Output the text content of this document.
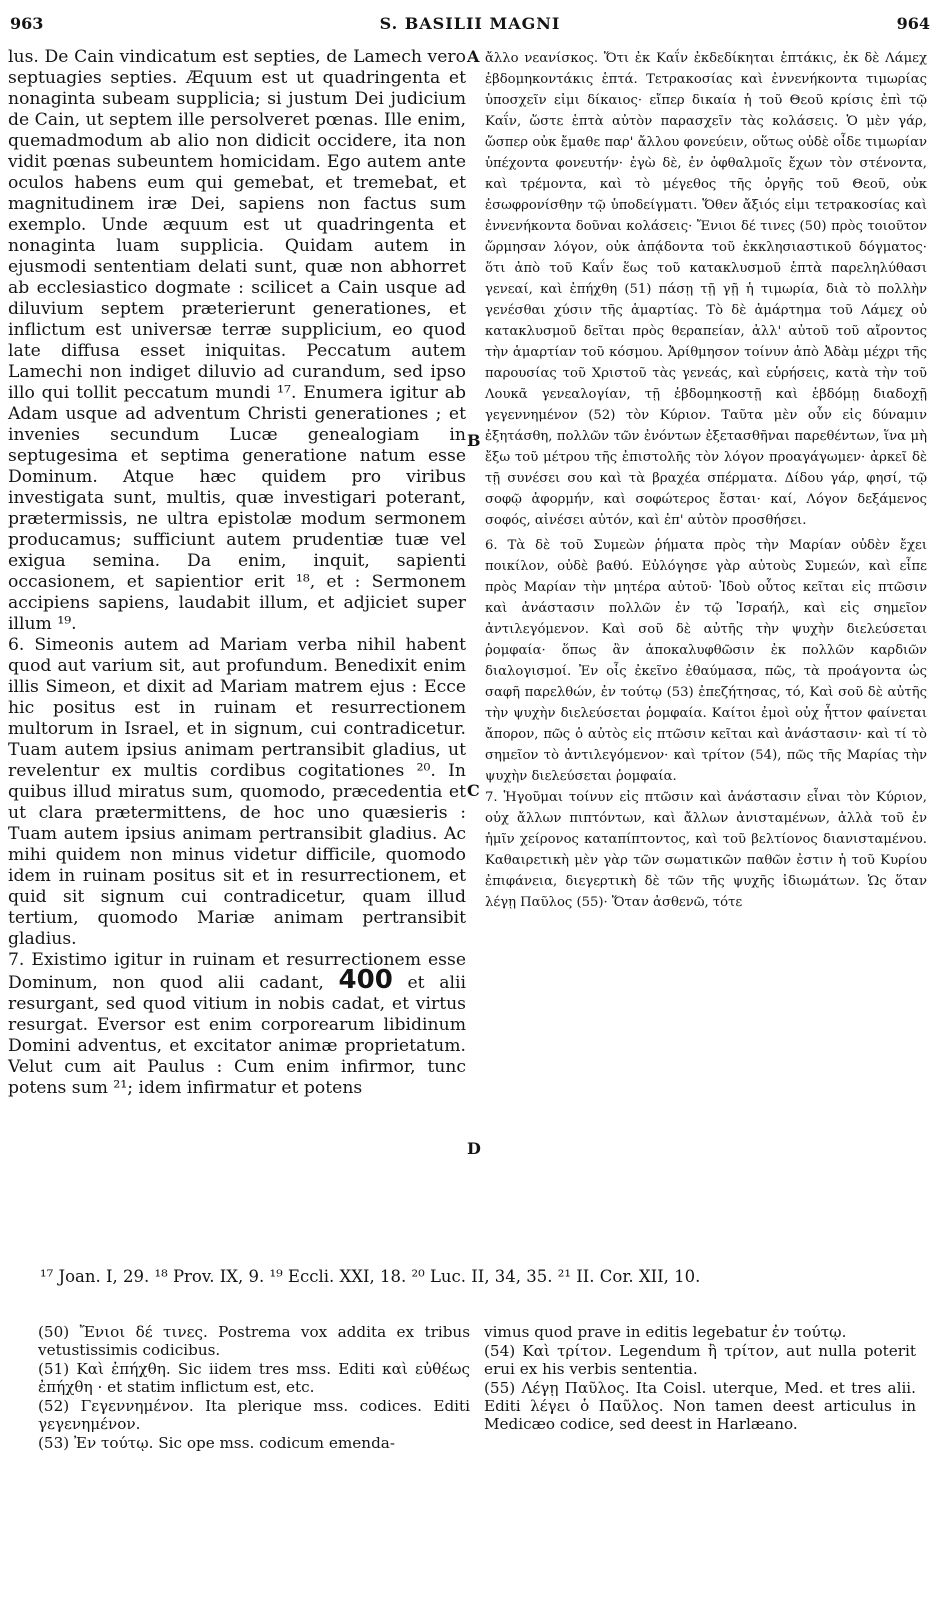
963	S. BASILII MAGNI	964

lus. De Cain vindicatum est septies, de Lamech vero septuagies septies. Æquum est ut quadringenta et nonaginta subeam supplicia; si justum Dei judicium de Cain, ut septem ille persolveret pœnas. Ille enim, quemadmodum ab alio non didicit occidere, ita non vidit pœnas subeuntem homicidam. Ego autem ante oculos habens eum qui gemebat, et tremebat, et magnitudinem iræ Dei, sapiens non factus sum exemplo. Unde æquum est ut quadringenta et nonaginta luam supplicia. Quidam autem in ejusmodi sententiam delati sunt, quæ non abhorret ab ecclesiastico dogmate : scilicet a Cain usque ad diluvium septem præterierunt generationes, et inflictum est universæ terræ supplicium, eo quod late diffusa esset iniquitas. Peccatum autem Lamechi non indiget diluvio ad curandum, sed ipso illo qui tollit peccatum mundi ¹⁷. Enumera igitur ab Adam usque ad adventum Christi generationes ; et invenies secundum Lucæ genealogiam in septugesima et septima generatione natum esse Dominum. Atque hæc quidem pro viribus investigata sunt, multis, quæ investigari poterant, prætermissis, ne ultra epistolæ modum sermonem producamus; sufficiunt autem prudentiæ tuæ vel exigua semina. Da enim, inquit, sapienti occasionem, et sapientior erit ¹⁸, et : Sermonem accipiens sapiens, laudabit illum, et adjiciet super illum ¹⁹.

6. Simeonis autem ad Mariam verba nihil habent quod aut varium sit, aut profundum. Benedixit enim illis Simeon, et dixit ad Mariam matrem ejus : Ecce hic positus est in ruinam et resurrectionem multorum in Israel, et in signum, cui contradicetur. Tuam autem ipsius animam pertransibit gladius, ut revelentur ex multis cordibus cogitationes ²⁰. In quibus illud miratus sum, quomodo, præcedentia et ut clara prætermittens, de hoc uno quæsieris : Tuam autem ipsius animam pertransibit gladius. Ac mihi quidem non minus videtur difficile, quomodo idem in ruinam positus sit et in resurrectionem, et quid sit signum cui contradicetur, quam illud tertium, quomodo Mariæ animam pertransibit gladius.

7. Existimo igitur in ruinam et resurrectionem esse Dominum, non quod alii cadant, 400 et alii resurgant, sed quod vitium in nobis cadat, et virtus resurgat. Eversor est enim corporearum libidinum Domini adventus, et excitator animæ proprietatum. Velut cum ait Paulus : Cum enim infirmor, tunc potens sum ²¹; idem infirmatur et potens

A
B
C
D

ἄλλο νεανίσκος. Ὅτι ἐκ Καΐν ἐκδεδίκηται ἑπτάκις, ἐκ δὲ Λάμεχ ἑβδομηκοντάκις ἑπτά. Τετρακοσίας καὶ ἐννενήκοντα τιμωρίας ὑποσχεῖν εἰμι δίκαιος· εἴπερ δικαία ἡ τοῦ Θεοῦ κρίσις ἐπὶ τῷ Καΐν, ὥστε ἑπτὰ αὐτὸν παρασχεῖν τὰς κολάσεις. Ὁ μὲν γάρ, ὥσπερ οὐκ ἔμαθε παρ' ἄλλου φονεύειν, οὕτως οὐδὲ οἶδε τιμωρίαν ὑπέχοντα φονευτήν· ἐγὼ δὲ, ἐν ὀφθαλμοῖς ἔχων τὸν στένοντα, καὶ τρέμοντα, καὶ τὸ μέγεθος τῆς ὀργῆς τοῦ Θεοῦ, οὐκ ἐσωφρονίσθην τῷ ὑποδείγματι. Ὅθεν ἄξιός εἰμι τετρακοσίας καὶ ἐννενήκοντα δοῦναι κολάσεις· Ἔνιοι δέ τινες (50) πρὸς τοιοῦτον ὥρμησαν λόγον, οὐκ ἀπᾴδοντα τοῦ ἐκκλησιαστικοῦ δόγματος· ὅτι ἀπὸ τοῦ Καΐν ἕως τοῦ κατακλυσμοῦ ἑπτὰ παρεληλύθασι γενεαί, καὶ ἐπήχθη (51) πάσῃ τῇ γῇ ἡ τιμωρία, διὰ τὸ πολλὴν γενέσθαι χύσιν τῆς ἁμαρτίας. Τὸ δὲ ἁμάρτημα τοῦ Λάμεχ οὐ κατακλυσμοῦ δεῖται πρὸς θεραπείαν, ἀλλ' αὐτοῦ τοῦ αἴροντος τὴν ἁμαρτίαν τοῦ κόσμου. Ἀρίθμησον τοίνυν ἀπὸ Ἀδὰμ μέχρι τῆς παρουσίας τοῦ Χριστοῦ τὰς γενεάς, καὶ εὑρήσεις, κατὰ τὴν τοῦ Λουκᾶ γενεαλογίαν, τῇ ἑβδομηκοστῇ καὶ ἑβδόμῃ διαδοχῇ γεγεννημένον (52) τὸν Κύριον. Ταῦτα μὲν οὖν εἰς δύναμιν ἐξητάσθη, πολλῶν τῶν ἐνόντων ἐξετασθῆναι παρεθέντων, ἵνα μὴ ἔξω τοῦ μέτρου τῆς ἐπιστολῆς τὸν λόγον προαγάγωμεν· ἀρκεῖ δὲ τῇ συνέσει σου καὶ τὰ βραχέα σπέρματα. Δίδου γάρ, φησί, τῷ σοφῷ ἀφορμήν, καὶ σοφώτερος ἔσται· καί, Λόγον δεξάμενος σοφός, αἰνέσει αὐτόν, καὶ ἐπ' αὐτὸν προσθήσει.

6. Τὰ δὲ τοῦ Συμεὼν ῥήματα πρὸς τὴν Μαρίαν οὐδὲν ἔχει ποικίλον, οὐδὲ βαθύ. Εὐλόγησε γὰρ αὐτοὺς Συμεών, καὶ εἶπε πρὸς Μαρίαν τὴν μητέρα αὐτοῦ· Ἰδοὺ οὗτος κεῖται εἰς πτῶσιν καὶ ἀνάστασιν πολλῶν ἐν τῷ Ἰσραήλ, καὶ εἰς σημεῖον ἀντιλεγόμενον. Καὶ σοῦ δὲ αὐτῆς τὴν ψυχὴν διελεύσεται ῥομφαία· ὅπως ἂν ἀποκαλυφθῶσιν ἐκ πολλῶν καρδιῶν διαλογισμοί. Ἐν οἷς ἐκεῖνο ἐθαύμασα, πῶς, τὰ προάγοντα ὡς σαφῆ παρελθών, ἐν τούτῳ (53) ἐπεζήτησας, τό, Καὶ σοῦ δὲ αὐτῆς τὴν ψυχὴν διελεύσεται ῥομφαία. Καίτοι ἐμοὶ οὐχ ἧττον φαίνεται ἄπορον, πῶς ὁ αὐτὸς εἰς πτῶσιν κεῖται καὶ ἀνάστασιν· καὶ τί τὸ σημεῖον τὸ ἀντιλεγόμενον· καὶ τρίτον (54), πῶς τῆς Μαρίας τὴν ψυχὴν διελεύσεται ῥομφαία.

7. Ἡγοῦμαι τοίνυν εἰς πτῶσιν καὶ ἀνάστασιν εἶναι τὸν Κύριον, οὐχ ἄλλων πιπτόντων, καὶ ἄλλων ἀνισταμένων, ἀλλὰ τοῦ ἐν ἡμῖν χείρονος καταπίπτοντος, καὶ τοῦ βελτίονος διανισταμένου. Καθαιρετικὴ μὲν γὰρ τῶν σωματικῶν παθῶν ἐστιν ἡ τοῦ Κυρίου ἐπιφάνεια, διεγερτικὴ δὲ τῶν τῆς ψυχῆς ἰδιωμάτων. Ὡς ὅταν λέγῃ Παῦλος (55)· Ὅταν ἀσθενῶ, τότε

¹⁷ Joan. I, 29. ¹⁸ Prov. IX, 9. ¹⁹ Eccli. XXI, 18. ²⁰ Luc. II, 34, 35. ²¹ II. Cor. XII, 10.

(50) Ἔνιοι δέ τινες. Postrema vox addita ex tribus vetustissimis codicibus.

(51) Καὶ ἐπήχθη. Sic iidem tres mss. Editi καὶ εὐθέως ἐπήχθη · et statim inflictum est, etc.

(52) Γεγεννημένον. Ita plerique mss. codices. Editi γεγενημένον.

(53) Ἐν τούτῳ. Sic ope mss. codicum emenda-

vimus quod prave in editis legebatur ἐν τούτῳ.

(54) Καὶ τρίτον. Legendum ἢ τρίτον, aut nulla poterit erui ex his verbis sententia.

(55) Λέγῃ Παῦλος. Ita Coisl. uterque, Med. et tres alii. Editi λέγει ὁ Παῦλος. Non tamen deest articulus in Medicæo codice, sed deest in Harlæano.
